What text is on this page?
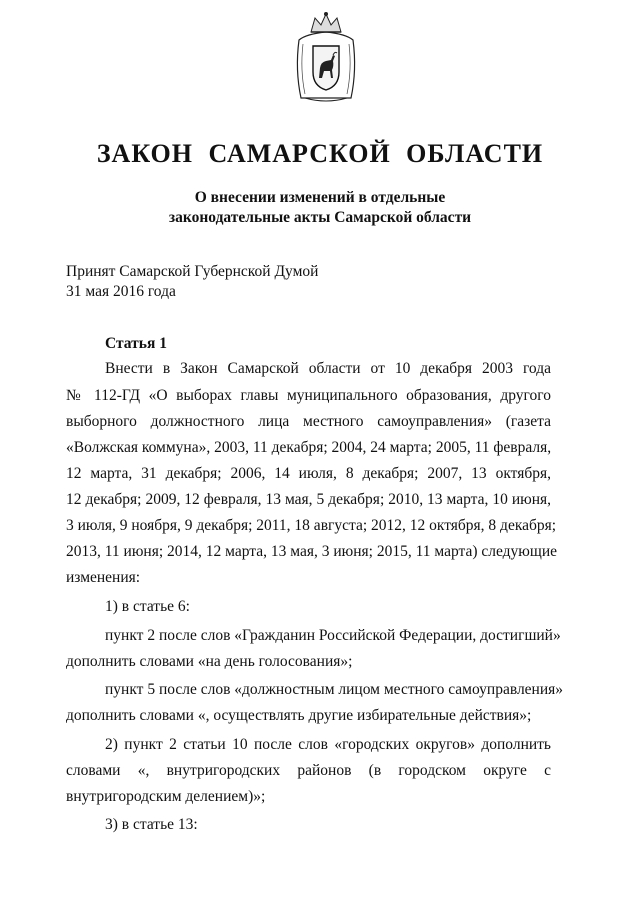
ЗАКОН САМАРСКОЙ ОБЛАСТИ
О внесении изменений в отдельные
законодательные акты Самарской области
Принят Самарской Губернской Думой
31 мая 2016 года
Статья 1
Внести в Закон Самарской области от 10 декабря 2003 года
№ 112-ГД «О выборах главы муниципального образования, другого
выборного должностного лица местного самоуправления» (газета
«Волжская коммуна», 2003, 11 декабря; 2004, 24 марта; 2005, 11 февраля,
12 марта, 31 декабря; 2006, 14 июля, 8 декабря; 2007, 13 октября,
12 декабря; 2009, 12 февраля, 13 мая, 5 декабря; 2010, 13 марта, 10 июня,
3 июля, 9 ноября, 9 декабря; 2011, 18 августа; 2012, 12 октября, 8 декабря;
2013, 11 июня; 2014, 12 марта, 13 мая, 3 июня; 2015, 11 марта) следующие
изменения:
1) в статье 6:
пункт 2 после слов «Гражданин Российской Федерации, достигший»
дополнить словами «на день голосования»;
пункт 5 после слов «должностным лицом местного самоуправления»
дополнить словами «, осуществлять другие избирательные действия»;
2) пункт 2 статьи 10 после слов «городских округов» дополнить
словами «, внутригородских районов (в городском округе с
внутригородским делением)»;
3) в статье 13:
